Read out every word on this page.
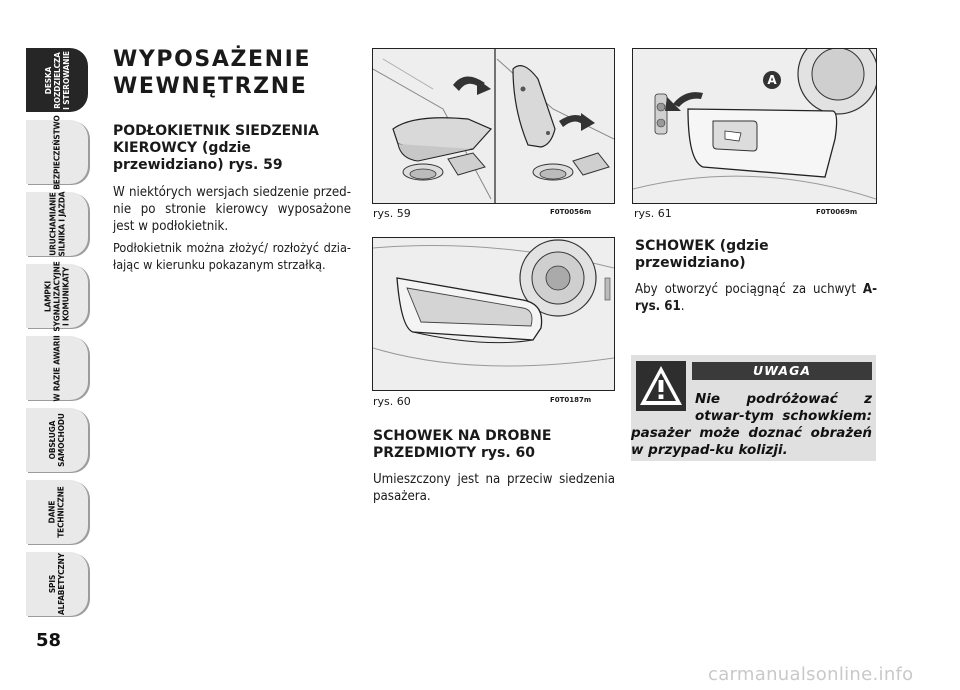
DESKA
ROZDZIELCZA
I STEROWANIE
BEZPIECZEŃSTWO
URUCHAMIANIE
SILNIKA I JAZDA
LAMPKI
SYGNALIZACYJNE
I KOMUNIKATY
W RAZIE AWARII
OBSŁUGA
SAMOCHODU
DANE
TECHNICZNE
SPIS
ALFABETYCZNY
58
WYPOSAŻENIE WEWNĘTRZNE
PODŁOKIETNIK SIEDZENIA KIEROWCY (gdzie przewidziano) rys. 59

W niektórych wersjach siedzenie przed-nie po stronie kierowcy wyposażone jest w podłokietnik.

Podłokietnik można złożyć/ rozłożyć dzia-łając w kierunku pokazanym strzałką.

rys. 59	F0T0056m
rys. 60	F0T0187m
SCHOWEK NA DROBNE PRZEDMIOTY rys. 60

Umieszczony jest na przeciw siedzenia pasażera.

A
rys. 61	F0T0069m
SCHOWEK (gdzie przewidziano)

Aby otworzyć pociągnąć za uchwyt A-rys. 61.

UWAGA
Nie podróżować z otwar-tym schowkiem: pasażer może doznać obrażeń w przypad-ku kolizji.
carmanualsonline.info
